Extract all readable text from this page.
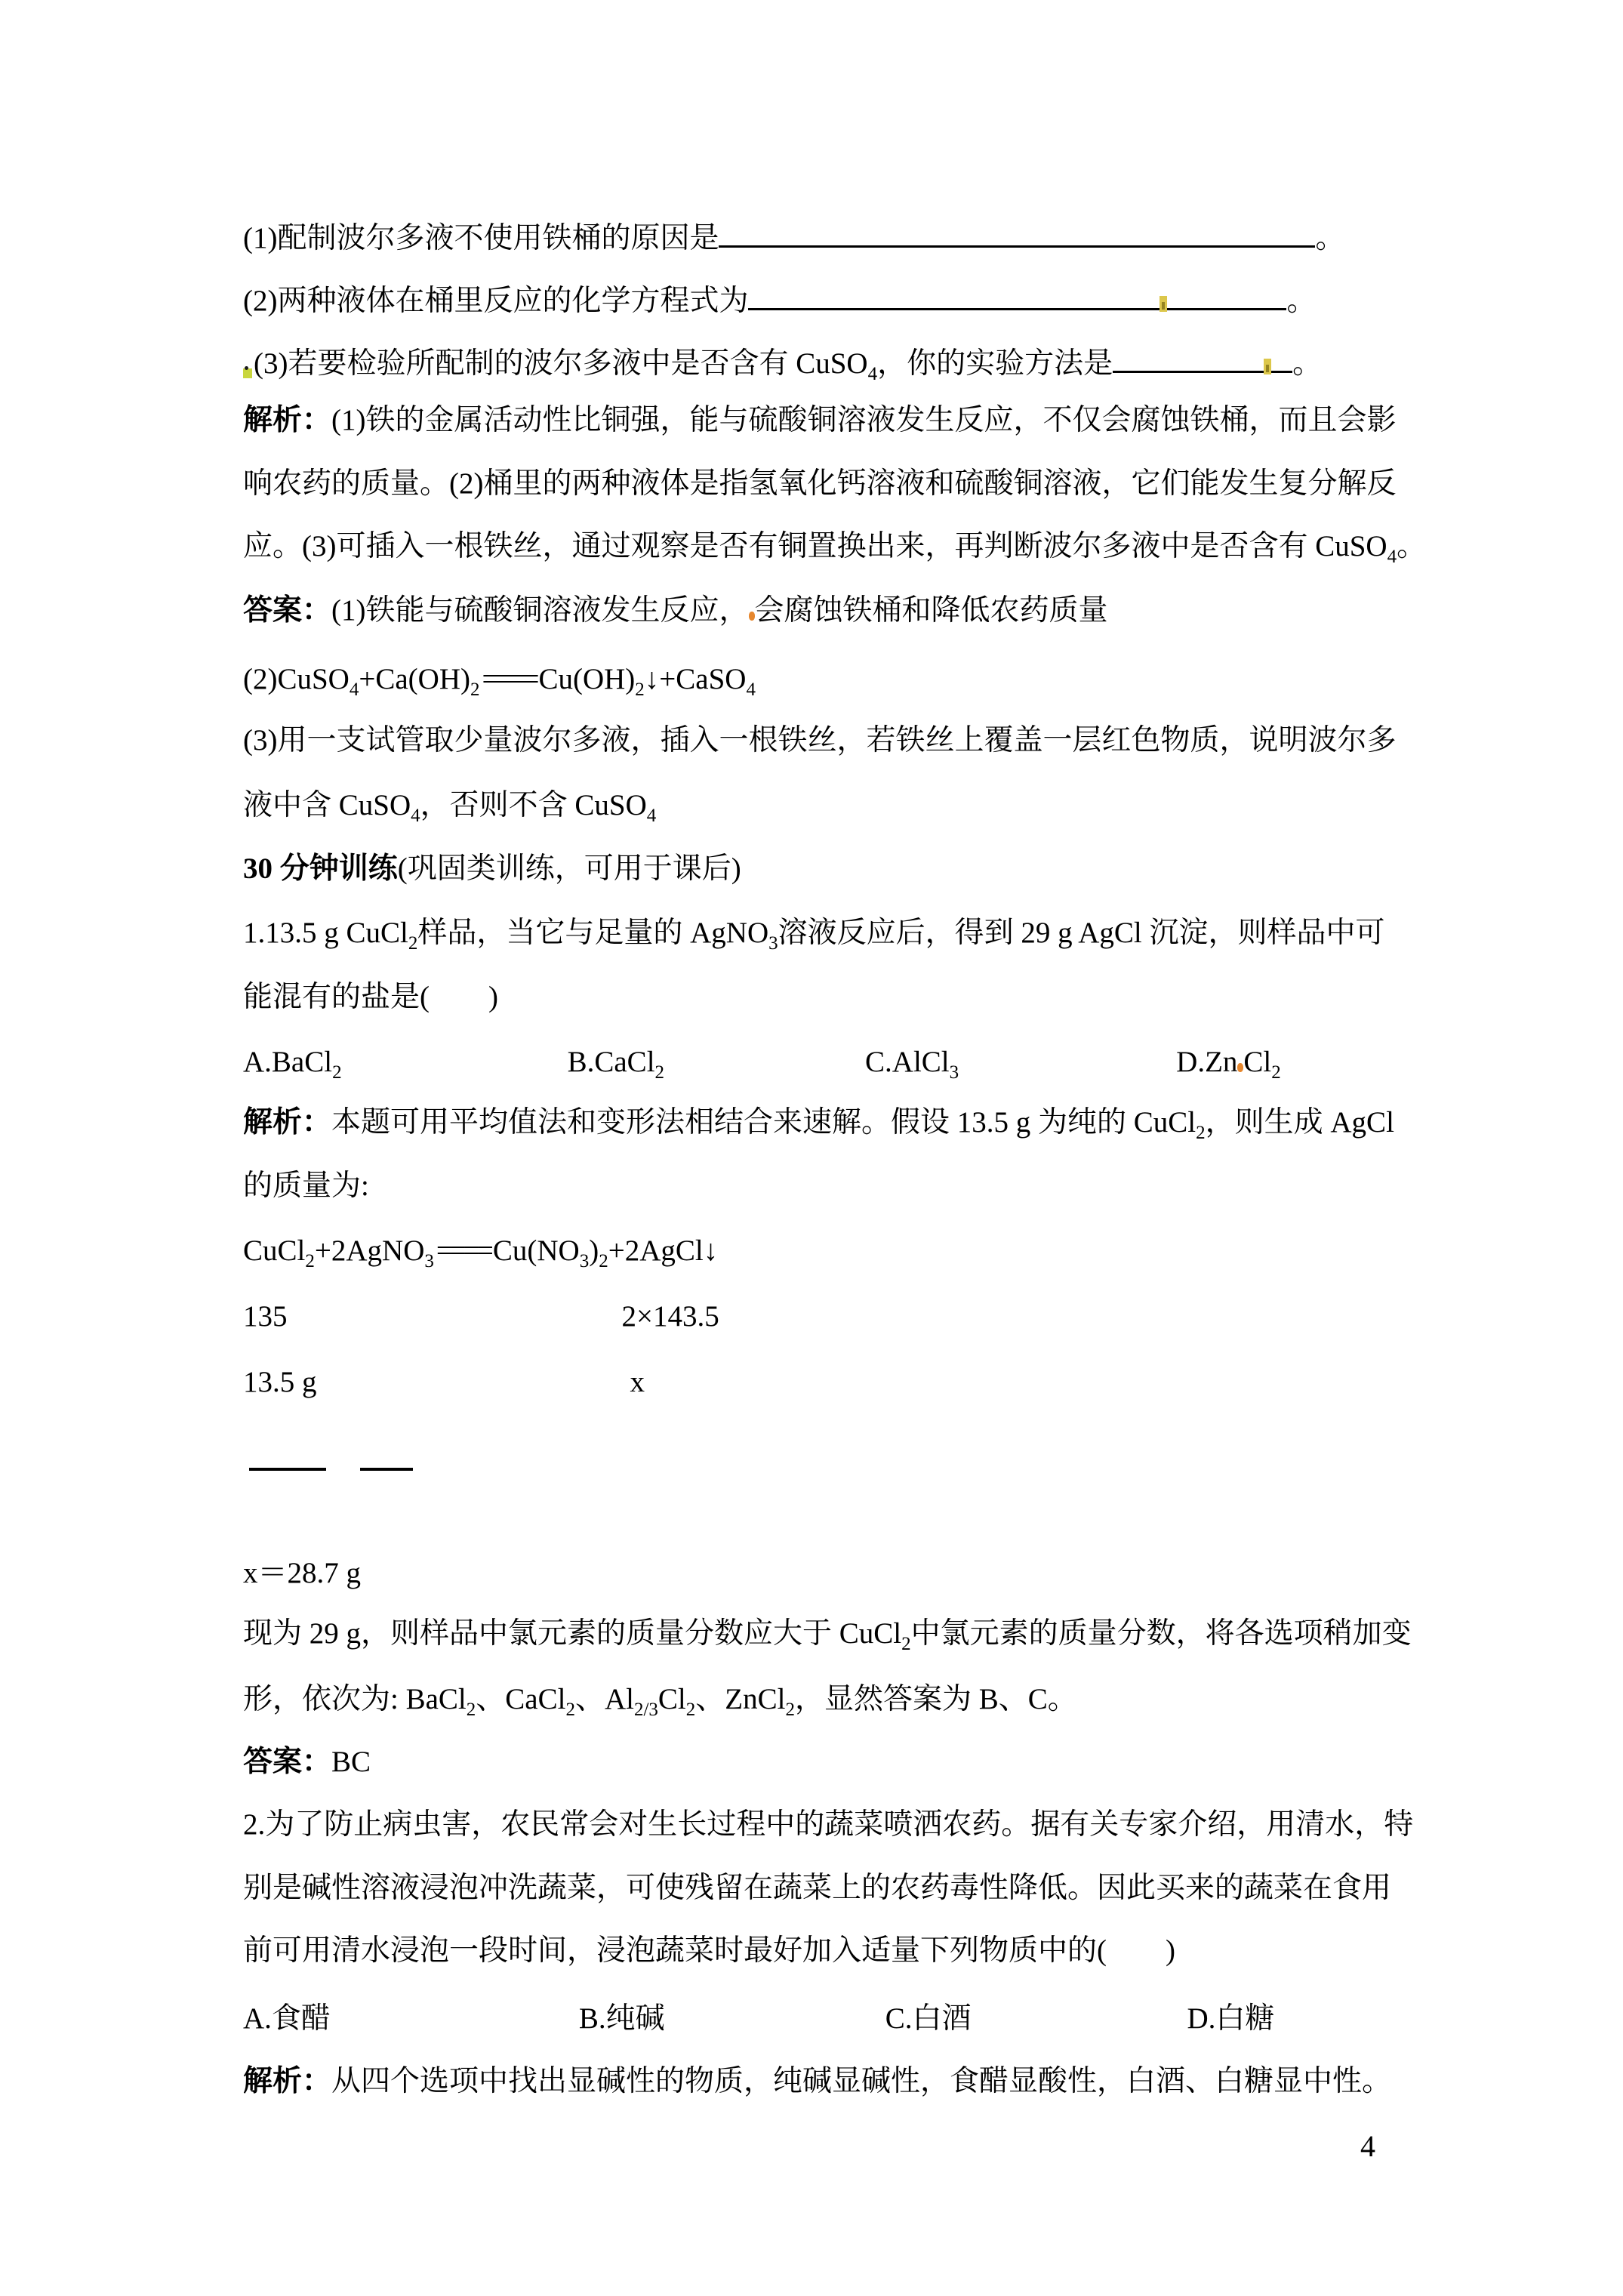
(1)配制波尔多液不使用铁桶的原因是	。
(2)两种液体在桶里反应的化学方程式为	。
(3)若要检验所配制的波尔多液中是否含有 CuSO$_4$，你的实验方法是	。
解析：(1)铁的金属活动性比铜强，能与硫酸铜溶液发生反应，不仅会腐蚀铁桶，而且会影
响农药的质量。(2)桶里的两种液体是指氢氧化钙溶液和硫酸铜溶液，它们能发生复分解反
应。(3)可插入一根铁丝，通过观察是否有铜置换出来，再判断波尔多液中是否含有 CuSO$_4$。
答案：(1)铁能与硫酸铜溶液发生反应， 会腐蚀铁桶和降低农药质量
$(2)CuSO_4+Ca(OH)_2====Cu(OH)_2↓+CaSO_4$
(3)用一支试管取少量波尔多液，插入一根铁丝，若铁丝上覆盖一层红色物质，说明波尔多
液中含 CuSO$_4$，否则不含 CuSO$_4$
30 分钟训练(巩固类训练，可用于课后)
1.13.5 g CuCl$_2$样品，当它与足量的 AgNO$_3$溶液反应后，得到 29 g AgCl 沉淀，则样品中可
能混有的盐是(        )
A.BaCl$_2$	B.CaCl$_2$	C.AlCl$_3$	D.Zn $Cl_2$
解析：本题可用平均值法和变形法相结合来速解。假设 13.5 g 为纯的 CuCl$_2$，则生成 AgCl
的质量为:
$CuCl_2+2AgNO_3====Cu(NO_3)_2+2AgCl↓$
135	2×143.5
13.5 g	x
x＝28.7 g
现为 29 g，则样品中氯元素的质量分数应大于 CuCl$_2$中氯元素的质量分数，将各选项稍加变
形，依次为: BaCl$_2$、CaCl$_2$、$Al_{2/3}Cl_2$、ZnCl$_2$，显然答案为 B、C。
答案：BC
2.为了防止病虫害，农民常会对生长过程中的蔬菜喷洒农药。据有关专家介绍，用清水，特
别是碱性溶液浸泡冲洗蔬菜，可使残留在蔬菜上的农药毒性降低。因此买来的蔬菜在食用
前可用清水浸泡一段时间，浸泡蔬菜时最好加入适量下列物质中的(        )
A.食醋	B.纯碱	C.白酒	D.白糖
解析：从四个选项中找出显碱性的物质，纯碱显碱性，食醋显酸性，白酒、白糖显中性。
4
